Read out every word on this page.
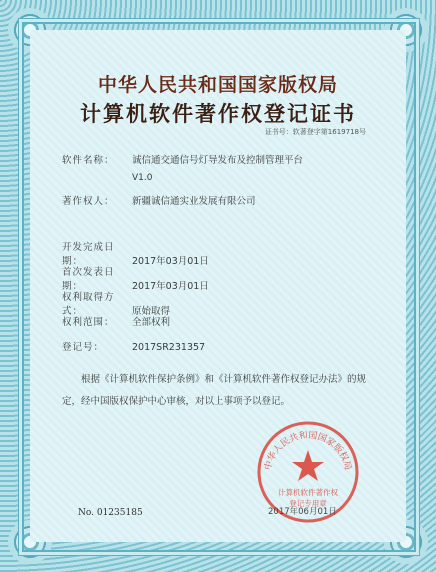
中华人民共和国国家版权局
计算机软件著作权登记证书
证书号：软著登字第1619718号
软件名称： 诚信通交通信号灯导发布及控制管理平台
V1.0
著作权人： 新疆诚信通实业发展有限公司
开发完成日期：	2017年03月01日
首次发表日期：	2017年03月01日
权利取得方式：	原始取得
权利范围： 全部权利
登记号：	2017SR231357
根据《计算机软件保护条例》和《计算机软件著作权登记办法》的规定，经中国版权保护中心审核，对以上事项予以登记。
No. 01235185
中华人民共和国国家版权局
计算机软件著作权
登记专用章
2017年06月01日
